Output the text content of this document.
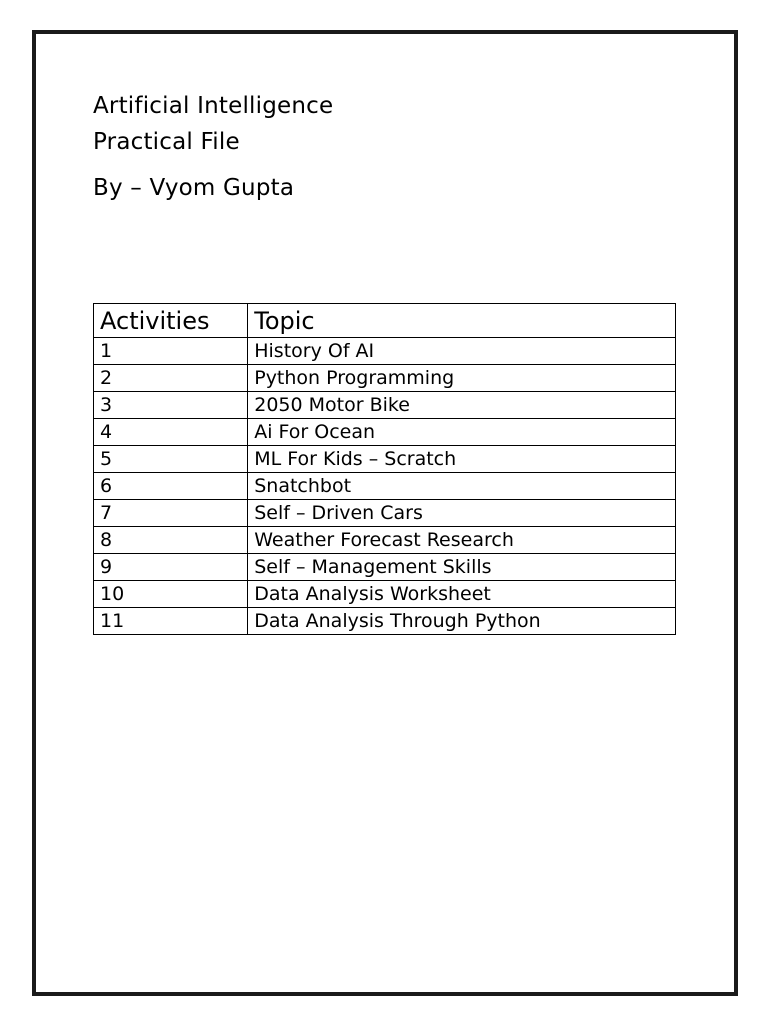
Artificial Intelligence

Practical File

By – Vyom Gupta

Activities	Topic
1	History Of AI
2	Python Programming
3	2050 Motor Bike
4	Ai For Ocean
5	ML For Kids – Scratch
6	Snatchbot
7	Self – Driven Cars
8	Weather Forecast Research
9	Self – Management Skills
10	Data Analysis Worksheet
11	Data Analysis Through Python
